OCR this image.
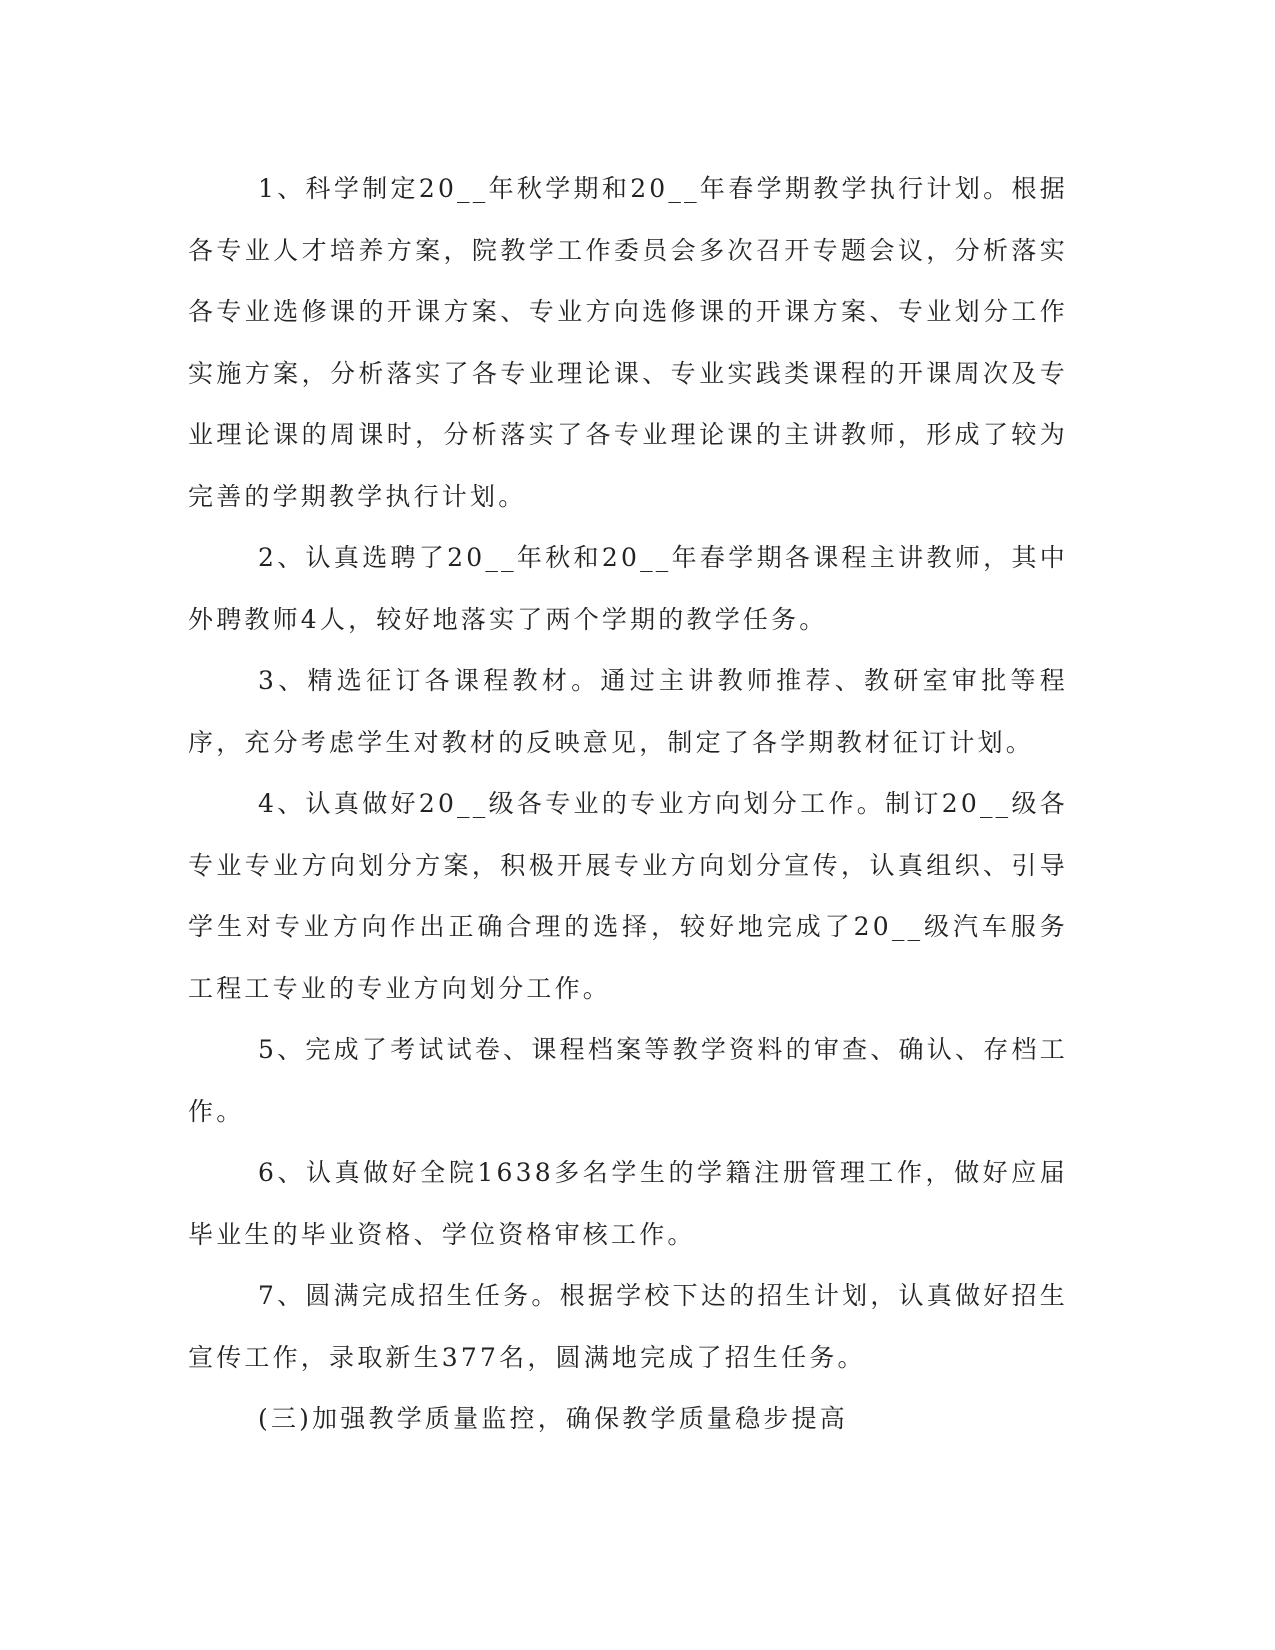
1、科学制定20__年秋学期和20__年春学期教学执行计划。根据各专业人才培养方案，院教学工作委员会多次召开专题会议，分析落实各专业选修课的开课方案、专业方向选修课的开课方案、专业划分工作实施方案，分析落实了各专业理论课、专业实践类课程的开课周次及专业理论课的周课时，分析落实了各专业理论课的主讲教师，形成了较为完善的学期教学执行计划。

2、认真选聘了20__年秋和20__年春学期各课程主讲教师，其中外聘教师4人，较好地落实了两个学期的教学任务。

3、精选征订各课程教材。通过主讲教师推荐、教研室审批等程序，充分考虑学生对教材的反映意见，制定了各学期教材征订计划。

4、认真做好20__级各专业的专业方向划分工作。制订20__级各专业专业方向划分方案，积极开展专业方向划分宣传，认真组织、引导学生对专业方向作出正确合理的选择，较好地完成了20__级汽车服务工程工专业的专业方向划分工作。

5、完成了考试试卷、课程档案等教学资料的审查、确认、存档工作。

6、认真做好全院1638多名学生的学籍注册管理工作，做好应届毕业生的毕业资格、学位资格审核工作。

7、圆满完成招生任务。根据学校下达的招生计划，认真做好招生宣传工作，录取新生377名，圆满地完成了招生任务。

(三)加强教学质量监控，确保教学质量稳步提高
